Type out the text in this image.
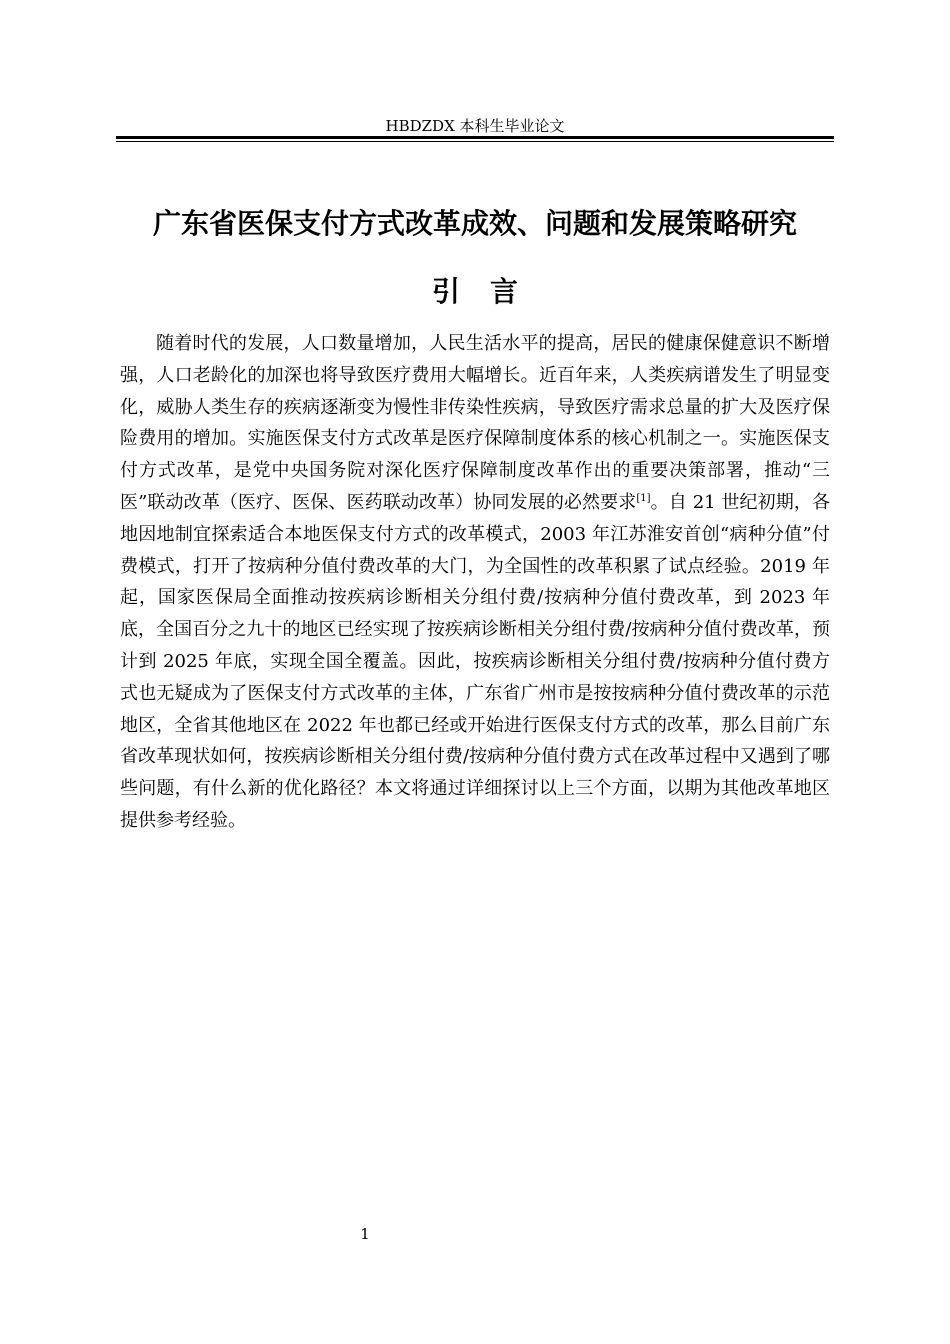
HBDZDX 本科生毕业论文
广东省医保支付方式改革成效、问题和发展策略研究
引言

随着时代的发展，人口数量增加，人民生活水平的提高，居民的健康保健意识不断增强，人口老龄化的加深也将导致医疗费用大幅增长。近百年来，人类疾病谱发生了明显变化，威胁人类生存的疾病逐渐变为慢性非传染性疾病，导致医疗需求总量的扩大及医疗保险费用的增加。实施医保支付方式改革是医疗保障制度体系的核心机制之一。实施医保支付方式改革，是党中央国务院对深化医疗保障制度改革作出的重要决策部署，推动“三医”联动改革（医疗、医保、医药联动改革）协同发展的必然要求[1]。自 21 世纪初期，各地因地制宜探索适合本地医保支付方式的改革模式，2003 年江苏淮安首创“病种分值”付费模式，打开了按病种分值付费改革的大门，为全国性的改革积累了试点经验。2019 年起，国家医保局全面推动按疾病诊断相关分组付费/按病种分值付费改革，到 2023 年底，全国百分之九十的地区已经实现了按疾病诊断相关分组付费/按病种分值付费改革，预计到 2025 年底，实现全国全覆盖。因此，按疾病诊断相关分组付费/按病种分值付费方式也无疑成为了医保支付方式改革的主体，广东省广州市是按按病种分值付费改革的示范地区，全省其他地区在 2022 年也都已经或开始进行医保支付方式的改革，那么目前广东省改革现状如何，按疾病诊断相关分组付费/按病种分值付费方式在改革过程中又遇到了哪些问题，有什么新的优化路径？本文将通过详细探讨以上三个方面，以期为其他改革地区提供参考经验。

1
